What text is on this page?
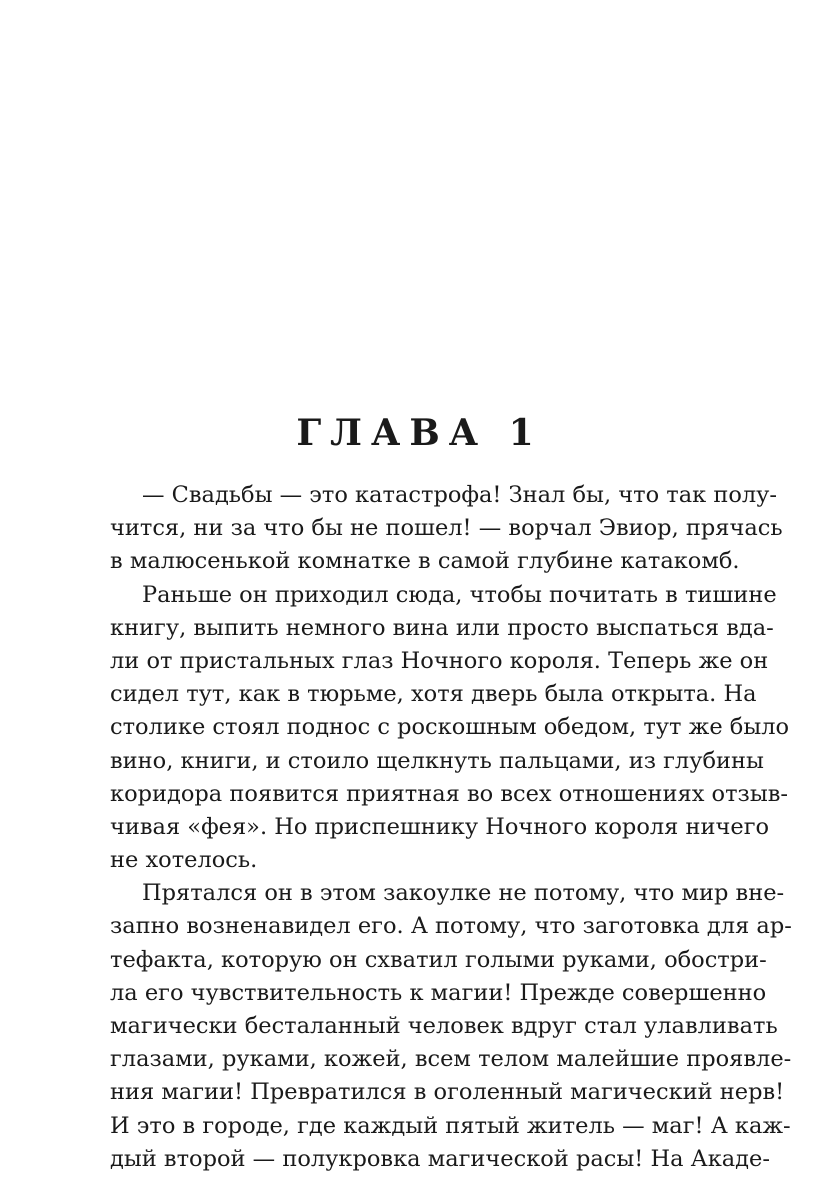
ГЛАВА 1
— Свадьбы — это катастрофа! Знал бы, что так полу-
чится, ни за что бы не пошел! — ворчал Эвиор, прячась
в малюсенькой комнатке в самой глубине катакомб.
Раньше он приходил сюда, чтобы почитать в тишине
книгу, выпить немного вина или просто выспаться вда-
ли от пристальных глаз Ночного короля. Теперь же он
сидел тут, как в тюрьме, хотя дверь была открыта. На
столике стоял поднос с роскошным обедом, тут же было
вино, книги, и стоило щелкнуть пальцами, из глубины
коридора появится приятная во всех отношениях отзыв-
чивая «фея». Но приспешнику Ночного короля ничего
не хотелось.
Прятался он в этом закоулке не потому, что мир вне-
запно возненавидел его. А потому, что заготовка для ар-
тефакта, которую он схватил голыми руками, обостри-
ла его чувствительность к магии! Прежде совершенно
магически бесталанный человек вдруг стал улавливать
глазами, руками, кожей, всем телом малейшие проявле-
ния магии! Превратился в оголенный магический нерв!
И это в городе, где каждый пятый житель — маг! А каж-
дый второй — полукровка магической расы! На Акаде-
